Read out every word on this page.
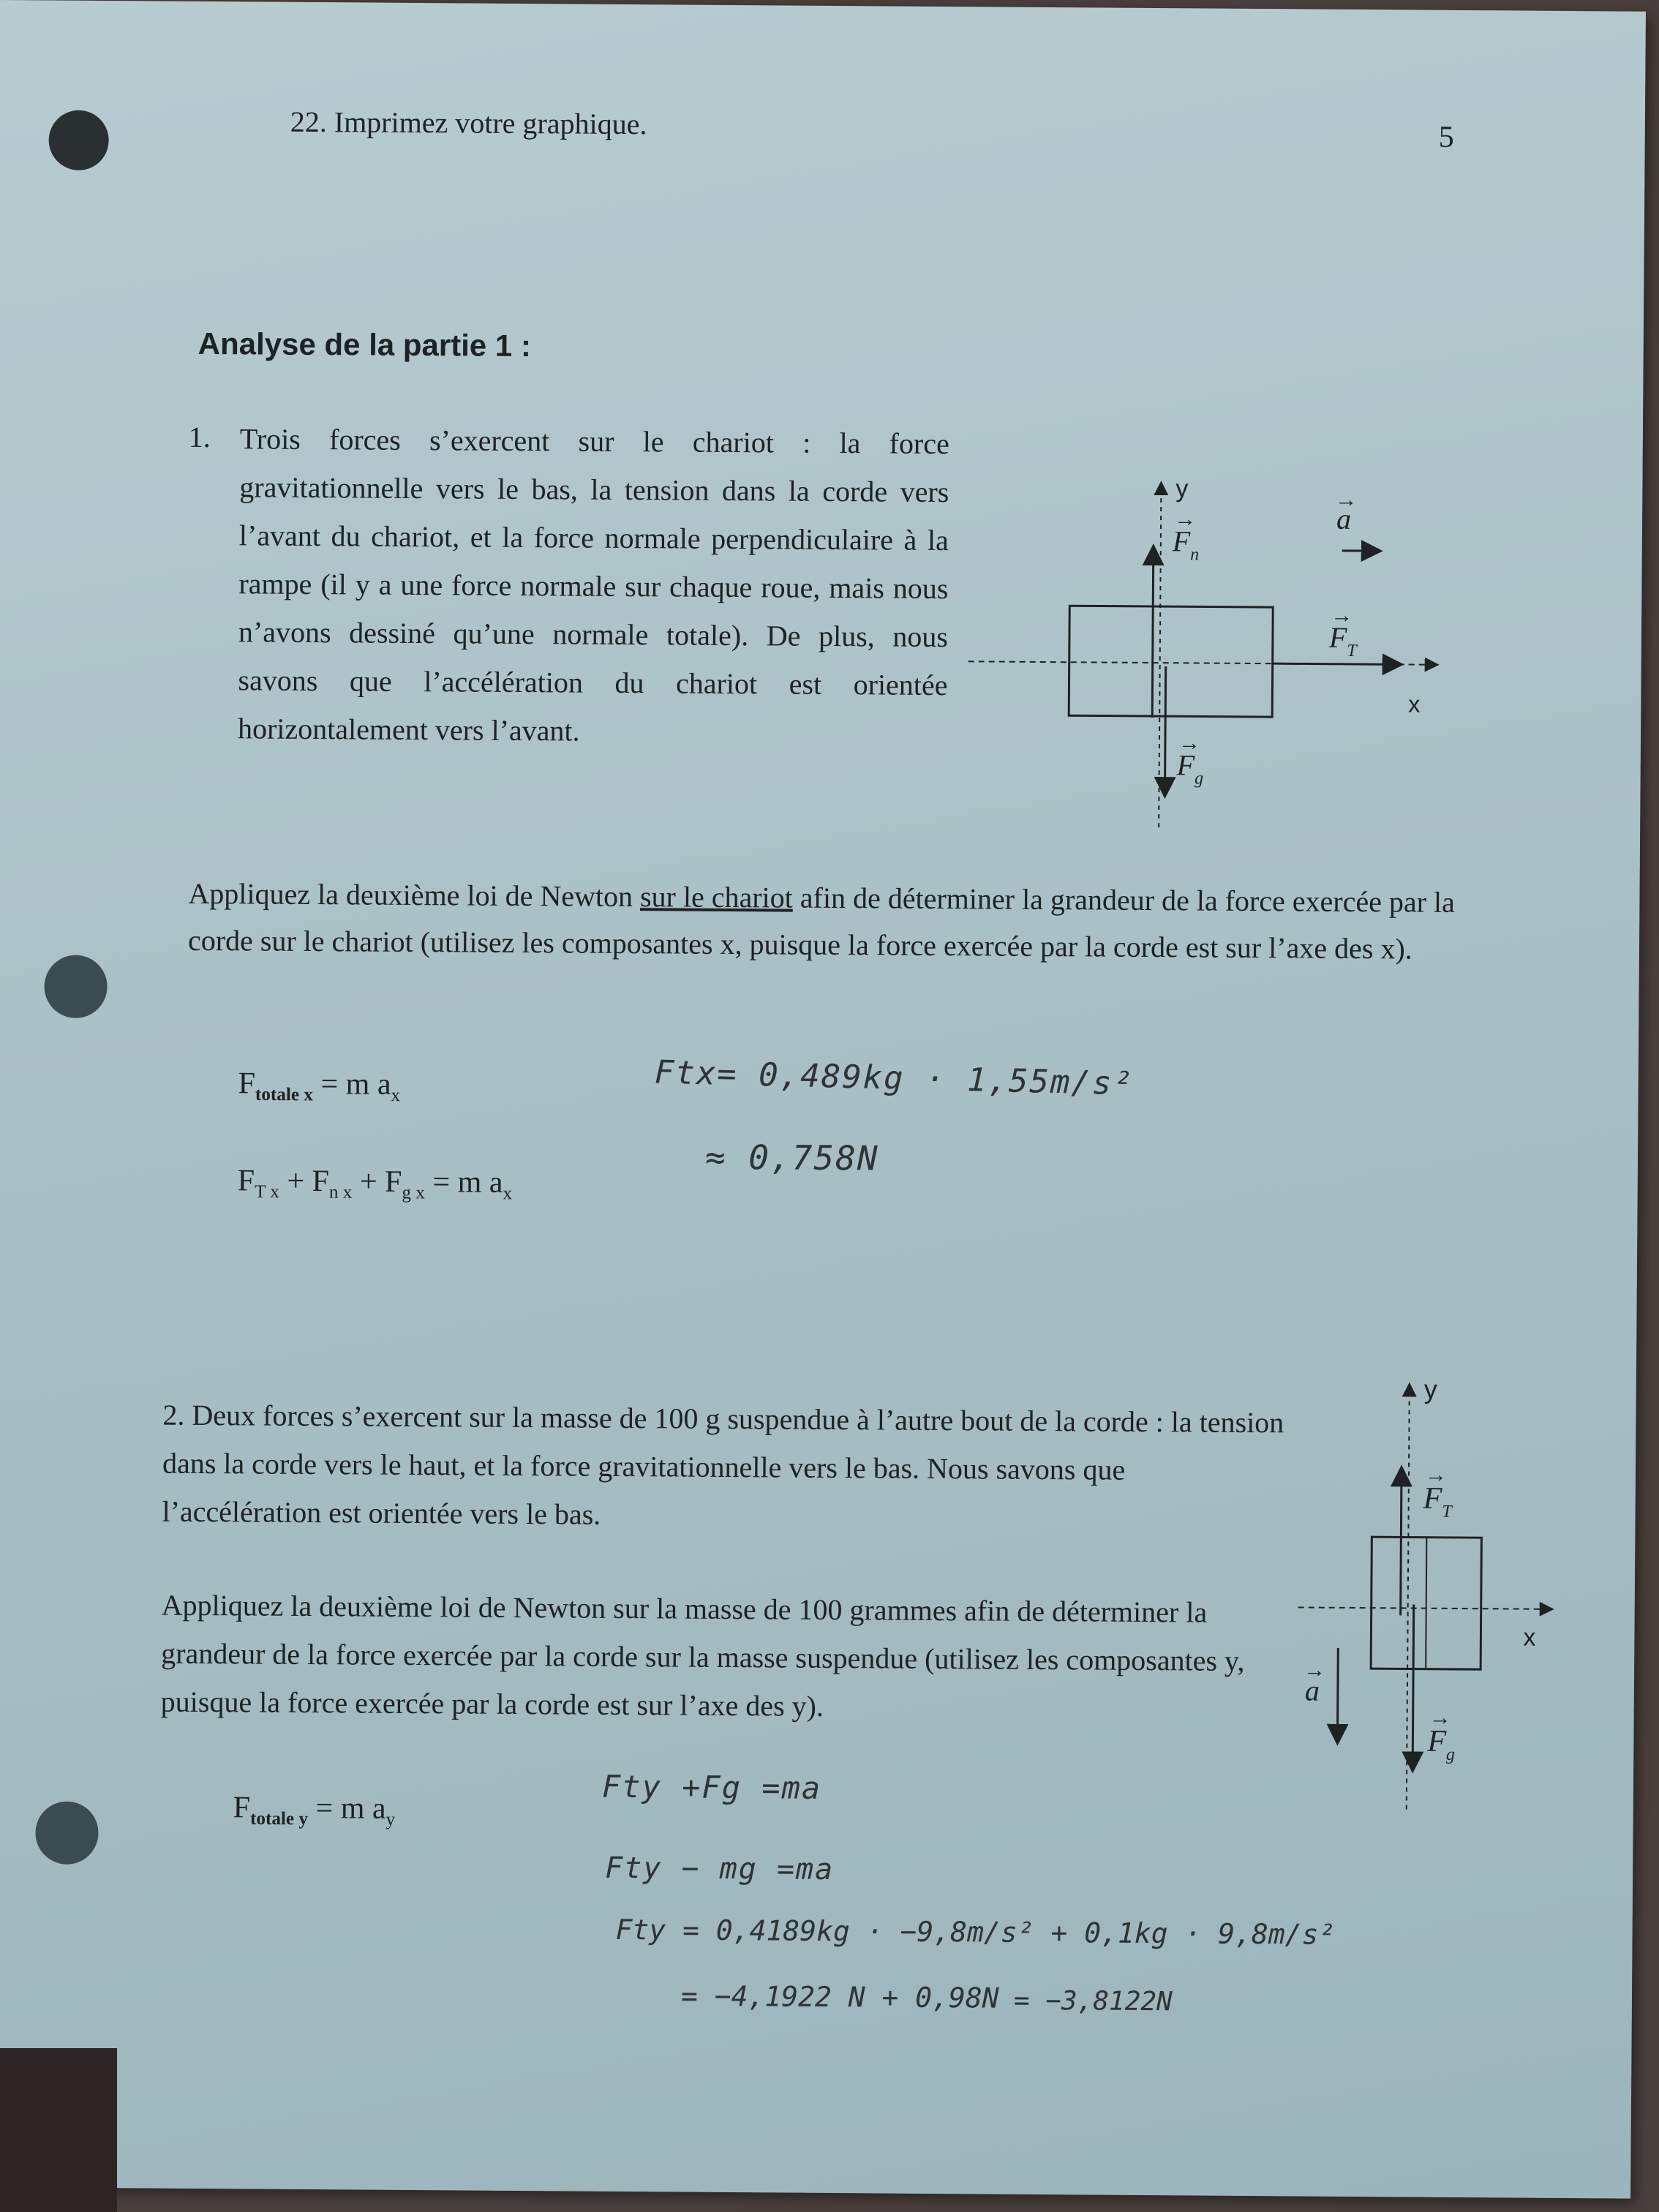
22. Imprimez votre graphique.	5
Analyse de la partie 1 :
1. Trois forces s’exercent sur le chariot : la force gravitationnelle vers le bas, la tension dans la corde vers l’avant du chariot, et la force normale perpendiculaire à la rampe (il y a une force normale sur chaque roue, mais nous n’avons dessiné qu’une normale totale). De plus, nous savons que l’accélération du chariot est orientée horizontalement vers l’avant.
y
x
$F_n$
→
$F_T$
→
$F_g$
→
a
→
Appliquez la deuxième loi de Newton sur le chariot afin de déterminer la grandeur de la force exercée par la corde sur le chariot (utilisez les composantes x, puisque la force exercée par la corde est sur l’axe des x).
$F_{totale x} = m$ $a_x$
$F_{T x} + F_{n x} + F_{g x} = m$ $a_x$
Ftx= 0,489kg · 1,55m/s²
≈ 0,758N
2. Deux forces s’exercent sur la masse de 100 g suspendue à l’autre bout de la corde : la tension dans la corde vers le haut, et la force gravitationnelle vers le bas. Nous savons que l’accélération est orientée vers le bas.
Appliquez la deuxième loi de Newton sur la masse de 100 grammes afin de déterminer la grandeur de la force exercée par la corde sur la masse suspendue (utilisez les composantes y, puisque la force exercée par la corde est sur l’axe des y).
y
x
$F_T$
→
$F_g$
→
a
→
$F_{totale y} = m$ $a_y$
Fty +Fg =ma
Fty − mg =ma
Fty = 0,4189kg · −9,8m/s² + 0,1kg · 9,8m/s²
= −4,1922 N + 0,98N = −3,8122N
